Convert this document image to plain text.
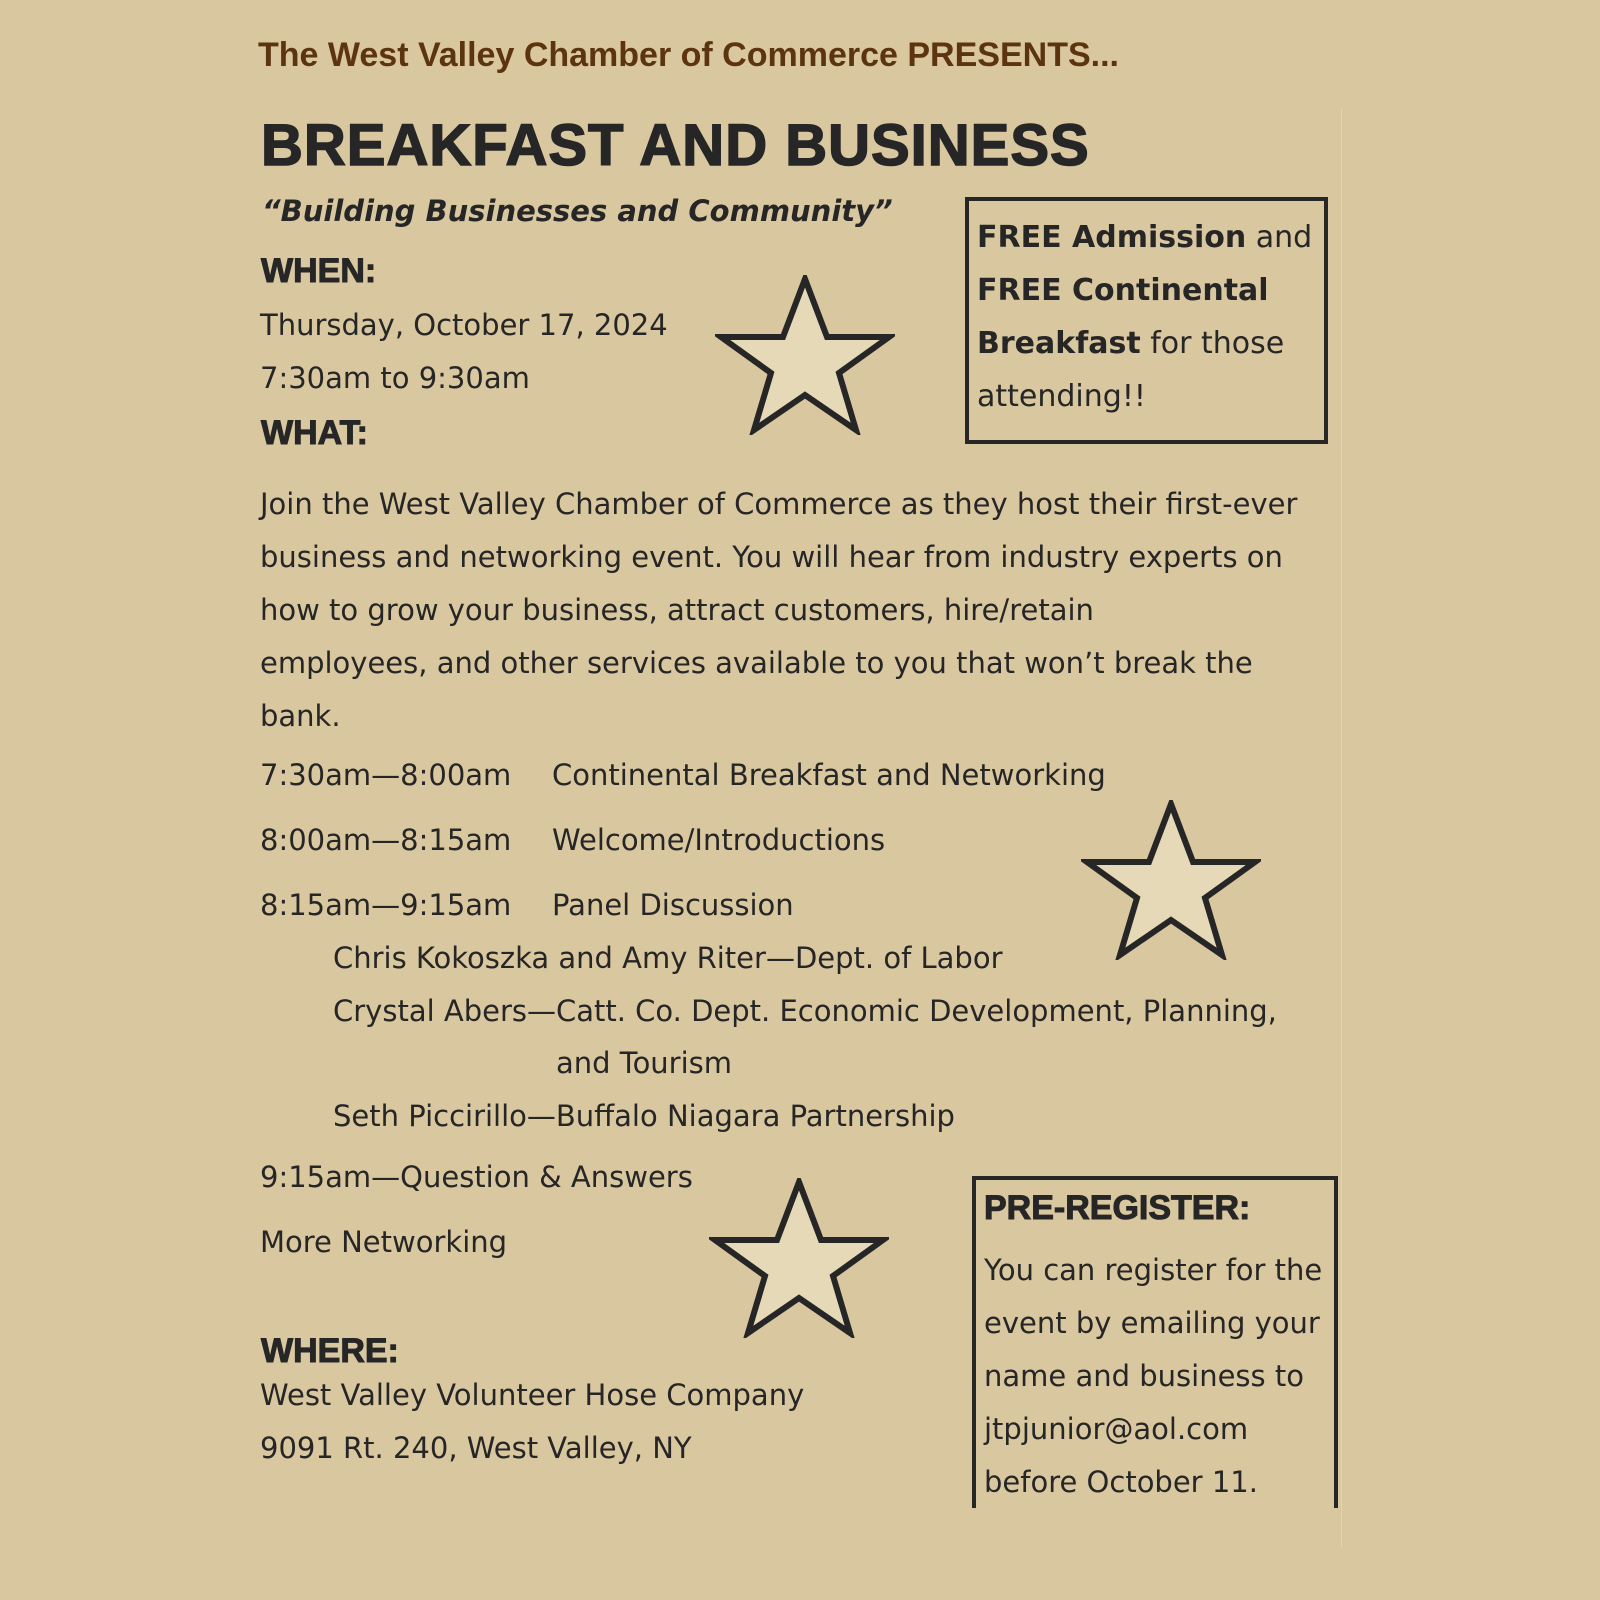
The West Valley Chamber of Commerce PRESENTS...
BREAKFAST AND BUSINESS
“Building Businesses and Community”
WHEN:
Thursday, October 17, 2024
7:30am to 9:30am
WHAT:
Join the West Valley Chamber of Commerce as they host their first-ever
business and networking event. You will hear from industry experts on
how to grow your business, attract customers, hire/retain
employees, and other services available to you that won’t break the
bank.
7:30am—8:00am Continental Breakfast and Networking
8:00am—8:15am Welcome/Introductions
8:15am—9:15am Panel Discussion
Chris Kokoszka and Amy Riter—Dept. of Labor
Crystal Abers—Catt. Co. Dept. Economic Development, Planning,
and Tourism
Seth Piccirillo—Buffalo Niagara Partnership
9:15am—Question & Answers
More Networking
WHERE:
West Valley Volunteer Hose Company
9091 Rt. 240, West Valley, NY
FREE Admission and
FREE Continental
Breakfast for those
attending!!
PRE-REGISTER:
You can register for the
event by emailing your
name and business to
jtpjunior@aol.com
before October 11.
